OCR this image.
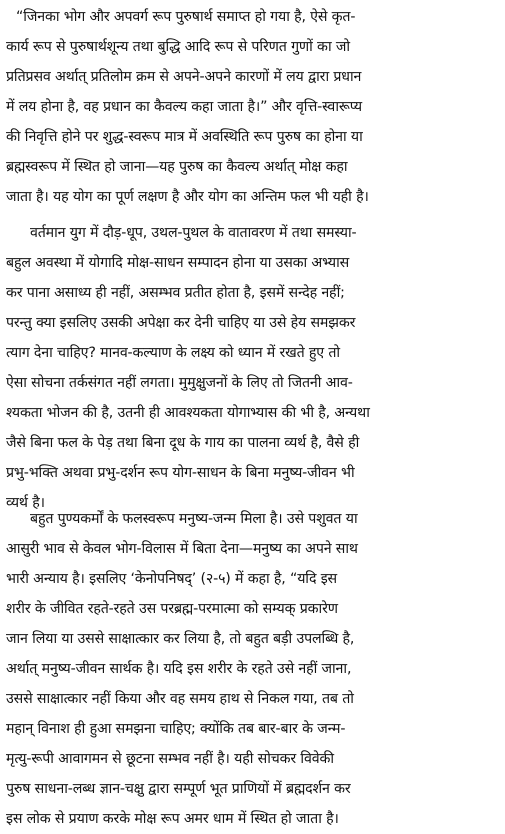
“जिनका भोग और अपवर्ग रूप पुरुषार्थ समाप्त हो गया है, ऐसे कृत-
कार्य रूप से पुरुषार्थशून्य तथा बुद्धि आदि रूप से परिणत गुणों का जो
प्रतिप्रसव अर्थात् प्रतिलोम क्रम से अपने-अपने कारणों में लय द्वारा प्रधान
में लय होना है, वह प्रधान का कैवल्य कहा जाता है।” और वृत्ति-स्वारूप्य
की निवृत्ति होने पर शुद्ध-स्वरूप मात्र में अवस्थिति रूप पुरुष का होना या
ब्रह्मस्वरूप में स्थित हो जाना—यह पुरुष का कैवल्य अर्थात् मोक्ष कहा
जाता है। यह योग का पूर्ण लक्षण है और योग का अन्तिम फल भी यही है।
वर्तमान युग में दौड़-धूप, उथल-पुथल के वातावरण में तथा समस्या-
बहुल अवस्था में योगादि मोक्ष-साधन सम्पादन होना या उसका अभ्यास
कर पाना असाध्य ही नहीं, असम्भव प्रतीत होता है, इसमें सन्देह नहीं;
परन्तु क्या इसलिए उसकी अपेक्षा कर देनी चाहिए या उसे हेय समझकर
त्याग देना चाहिए? मानव-कल्याण के लक्ष्य को ध्यान में रखते हुए तो
ऐसा सोचना तर्कसंगत नहीं लगता। मुमुक्षुजनों के लिए तो जितनी आव-
श्यकता भोजन की है, उतनी ही आवश्यकता योगाभ्यास की भी है, अन्यथा
जैसे बिना फल के पेड़ तथा बिना दूध के गाय का पालना व्यर्थ है, वैसे ही
प्रभु-भक्ति अथवा प्रभु-दर्शन रूप योग-साधन के बिना मनुष्य-जीवन भी
व्यर्थ है।
बहुत पुण्यकर्मों के फलस्वरूप मनुष्य-जन्म मिला है। उसे पशुवत या
आसुरी भाव से केवल भोग-विलास में बिता देना—मनुष्य का अपने साथ
भारी अन्याय है। इसलिए ‘केनोपनिषद्’ (२-५) में कहा है, “यदि इस
शरीर के जीवित रहते-रहते उस परब्रह्म-परमात्मा को सम्यक् प्रकारेण
जान लिया या उससे साक्षात्कार कर लिया है, तो बहुत बड़ी उपलब्धि है,
अर्थात् मनुष्य-जीवन सार्थक है। यदि इस शरीर के रहते उसे नहीं जाना,
उससे साक्षात्कार नहीं किया और वह समय हाथ से निकल गया, तब तो
महान् विनाश ही हुआ समझना चाहिए; क्योंकि तब बार-बार के जन्म-
मृत्यु-रूपी आवागमन से छूटना सम्भव नहीं है। यही सोचकर विवेकी
पुरुष साधना-लब्ध ज्ञान-चक्षु द्वारा सम्पूर्ण भूत प्राणियों में ब्रह्मदर्शन कर
इस लोक से प्रयाण करके मोक्ष रूप अमर धाम में स्थित हो जाता है।
